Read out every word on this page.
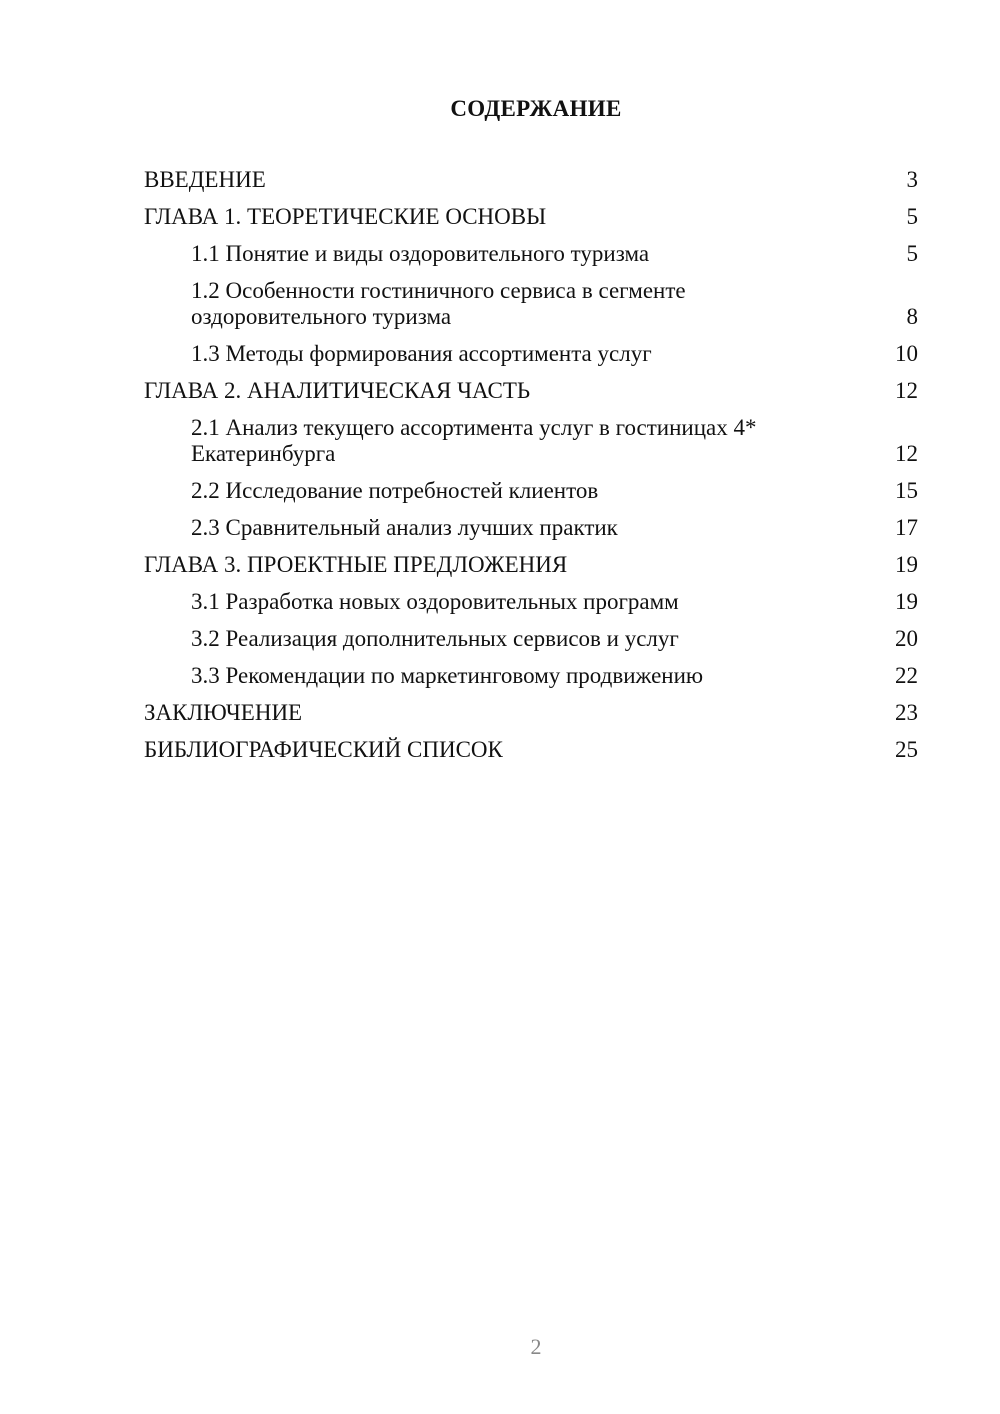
СОДЕРЖАНИЕ
ВВЕДЕНИЕ	3
ГЛАВА 1. ТЕОРЕТИЧЕСКИЕ ОСНОВЫ	5
1.1 Понятие и виды оздоровительного туризма	5
1.2 Особенности гостиничного сервиса в сегменте оздоровительного туризма	8
1.3 Методы формирования ассортимента услуг	10
ГЛАВА 2. АНАЛИТИЧЕСКАЯ ЧАСТЬ	12
2.1 Анализ текущего ассортимента услуг в гостиницах 4* Екатеринбурга	12
2.2 Исследование потребностей клиентов	15
2.3 Сравнительный анализ лучших практик	17
ГЛАВА 3. ПРОЕКТНЫЕ ПРЕДЛОЖЕНИЯ	19
3.1 Разработка новых оздоровительных программ	19
3.2 Реализация дополнительных сервисов и услуг	20
3.3 Рекомендации по маркетинговому продвижению	22
ЗАКЛЮЧЕНИЕ	23
БИБЛИОГРАФИЧЕСКИЙ СПИСОК	25
2
